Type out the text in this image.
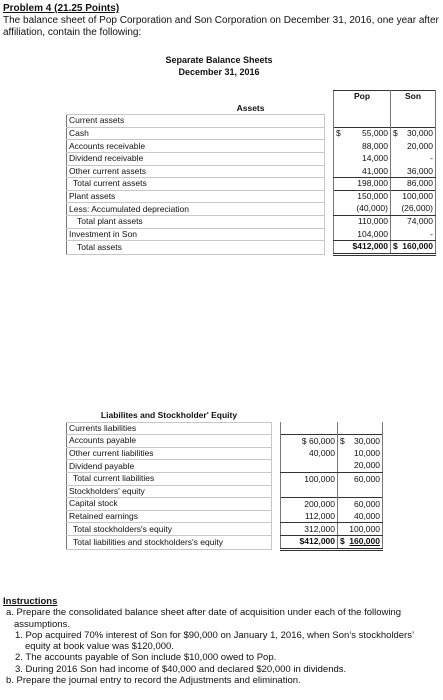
Problem 4 (21.25 Points)
The balance sheet of Pop Corporation and Son Corporation on December 31, 2016, one year after affiliation, contain the following:
Separate Balance Sheets
December 31, 2016
		Pop	Son
Assets			
Current assets			
Cash		$ 55,000	$ 30,000
Accounts receivable		88,000	20,000
Dividend receivable		14,000	-
Other current assets		41,000	36,000
Total current assets		198,000	86,000
Plant assets		150,000	100,000
Less: Accumulated depreciation		(40,000)	(26,000)
Total plant assets		110,000	74,000
Investment in Son		104,000	-
Total assets		$412,000	$ 160,000
Liabilites and Stockholder' Equity			
Currents liabilities			
Accounts payable		$ 60,000	$ 30,000
Other current liabilities		40,000	10,000
Dividend payable			20,000
Total current liabilities		100,000	60,000
Stockholders' equity			
Capital stock		200,000	60,000
Retained earnings		112,000	40,000
Total stockholders's equity		312,000	100,000
Total liabilities and stockholders's equity		$412,000	$ 160,000
Instructions
a. Prepare the consolidated balance sheet after date of acquisition under each of the following assumptions.
1. Pop acquired 70% interest of Son for $90,000 on January 1, 2016, when Son’s stockholders’ equity at book value was $120,000.
2. The accounts payable of Son include $10,000 owed to Pop.
3. During 2016 Son had income of $40,000 and declared $20,000 in dividends.
b. Prepare the journal entry to record the Adjustments and elimination.
